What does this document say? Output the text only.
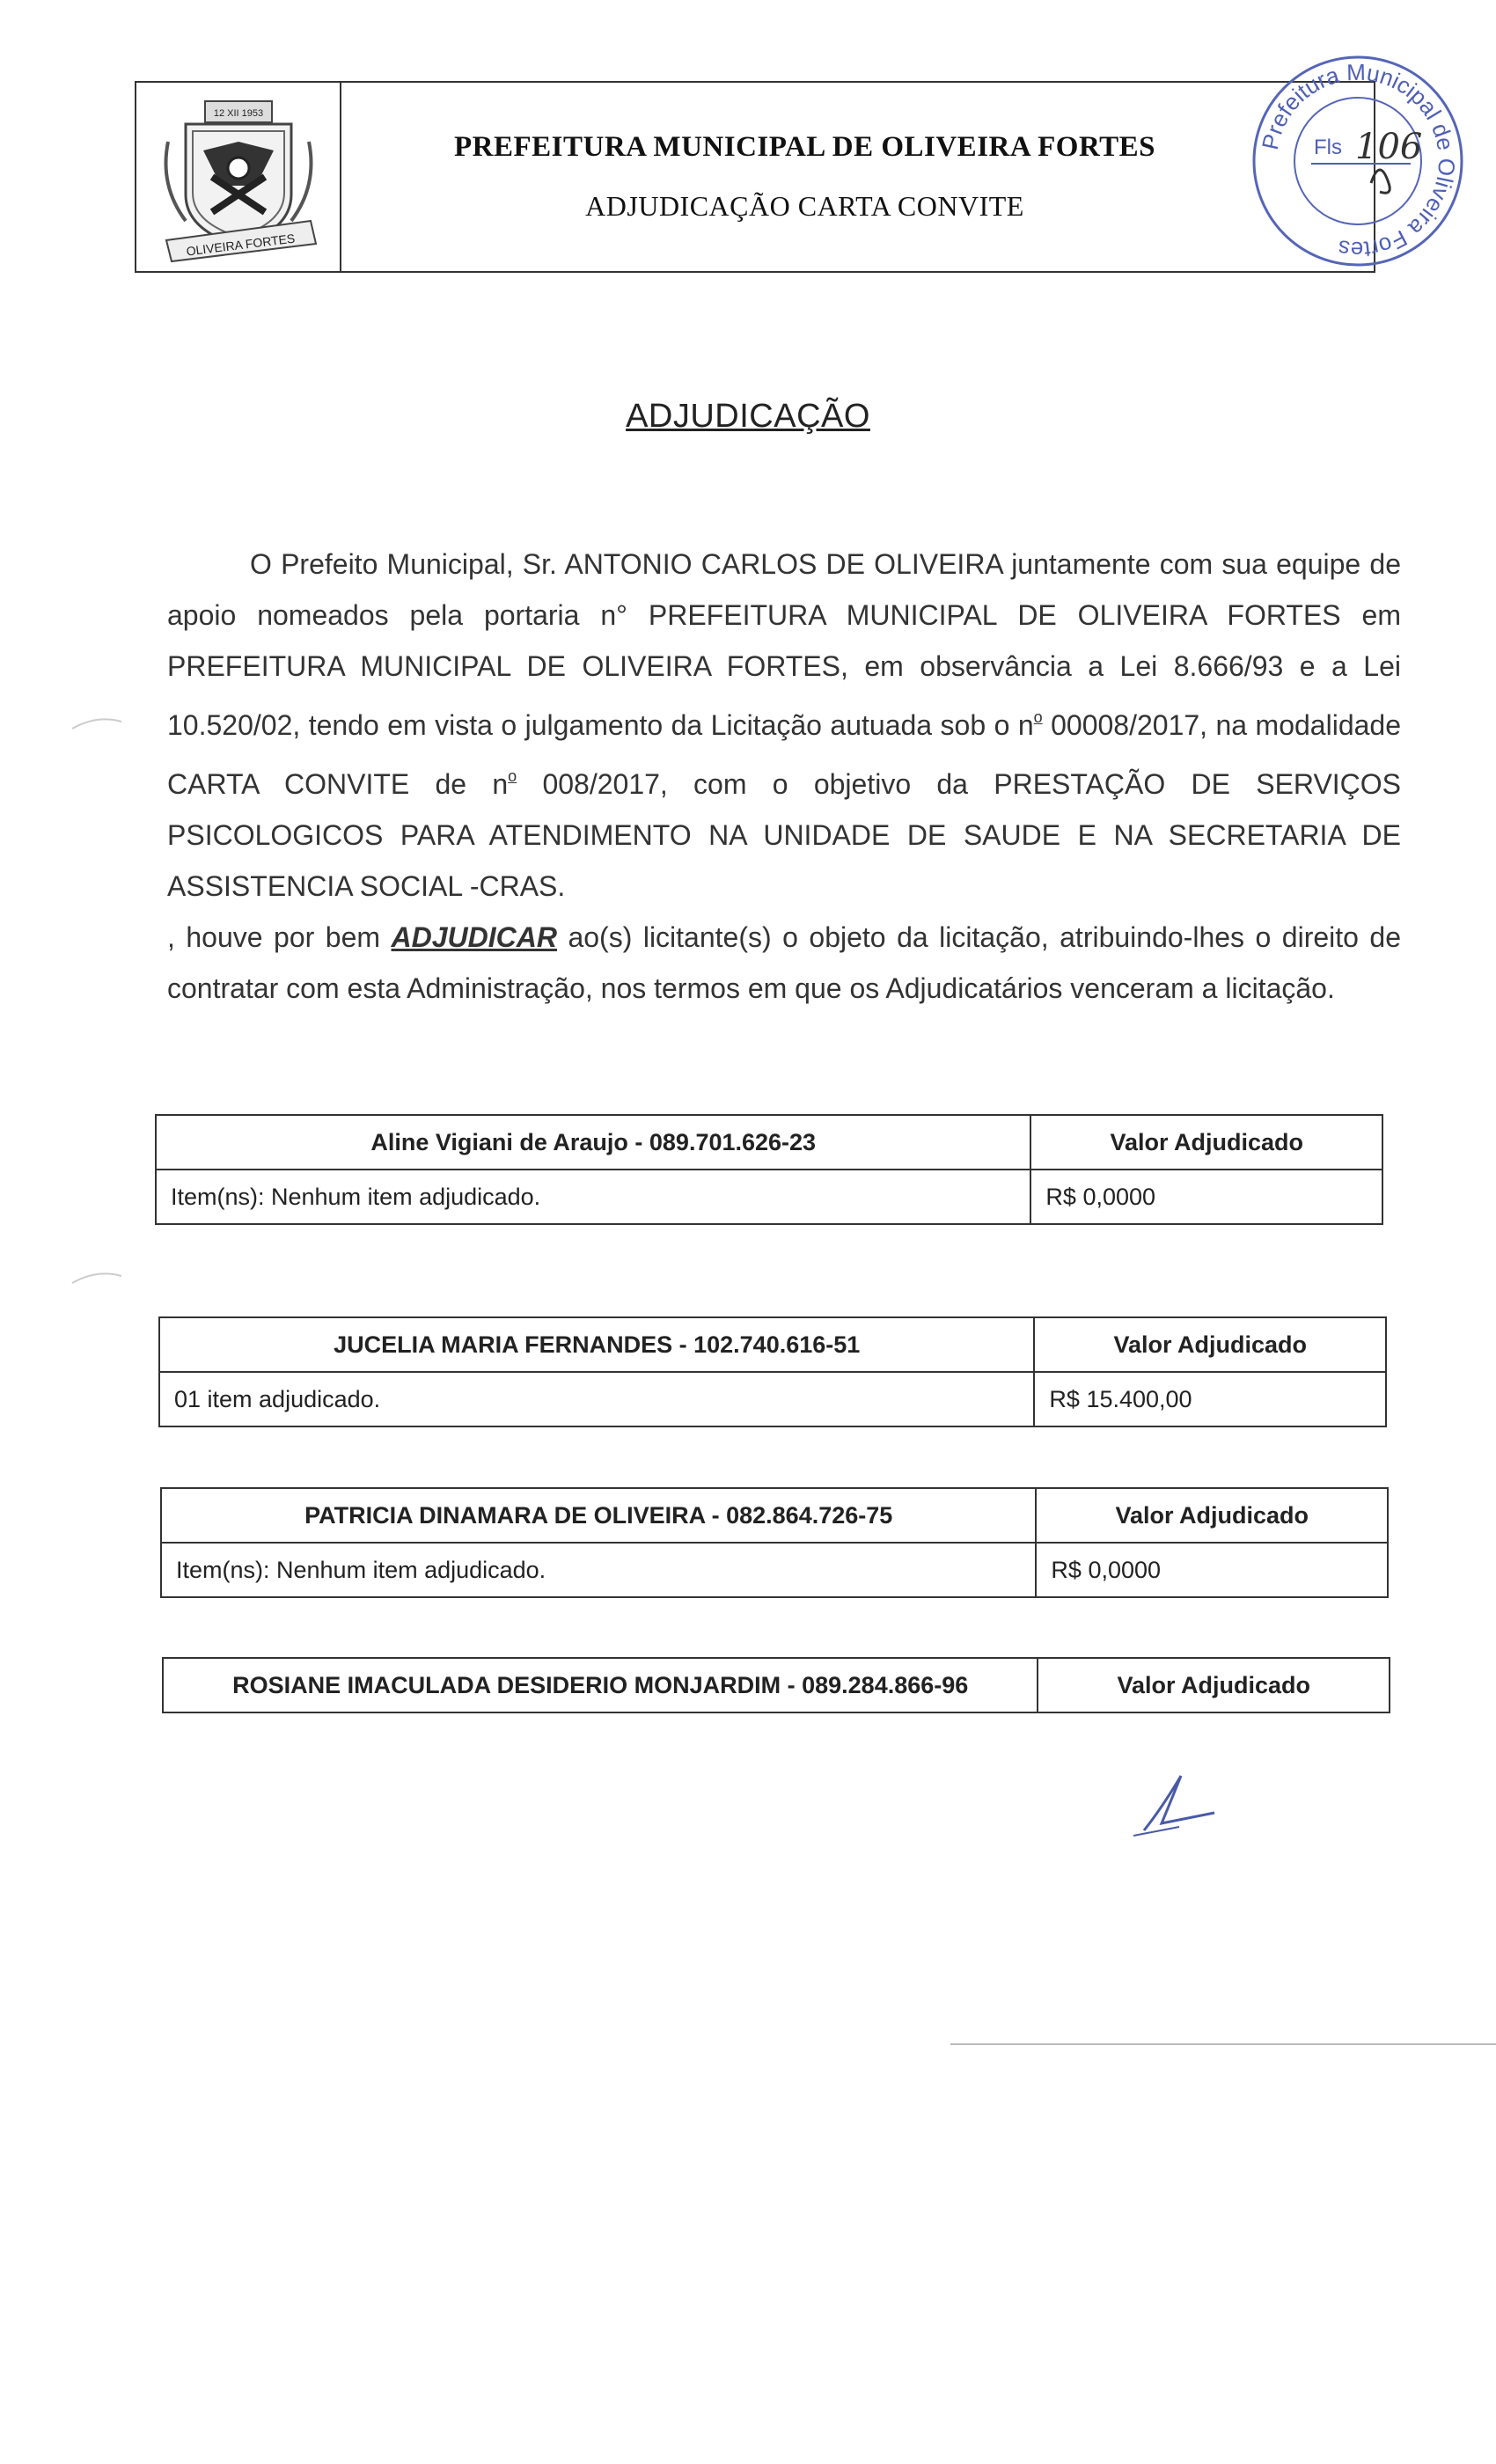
12 XII 1953
OLIVEIRA FORTES
PREFEITURA MUNICIPAL DE OLIVEIRA FORTES
ADJUDICAÇÃO CARTA CONVITE
Prefeitura Municipal de Oliveira Fortes
Fls 106
ADJUDICAÇÃO

O Prefeito Municipal, Sr. ANTONIO CARLOS DE OLIVEIRA juntamente com sua equipe de apoio nomeados pela portaria n° PREFEITURA MUNICIPAL DE OLIVEIRA FORTES em PREFEITURA MUNICIPAL DE OLIVEIRA FORTES, em observância a Lei 8.666/93 e a Lei 10.520/02, tendo em vista o julgamento da Licitação autuada sob o $n^o$ 00008/2017, na modalidade CARTA CONVITE de $n^o$ 008/2017, com o objetivo da PRESTAÇÃO DE SERVIÇOS PSICOLOGICOS PARA ATENDIMENTO NA UNIDADE DE SAUDE E NA SECRETARIA DE ASSISTENCIA SOCIAL -CRAS.

, houve por bem ADJUDICAR ao(s) licitante(s) o objeto da licitação, atribuindo-lhes o direito de contratar com esta Administração, nos termos em que os Adjudicatários venceram a licitação.

Aline Vigiani de Araujo - 089.701.626-23	Valor Adjudicado
Item(ns): Nenhum item adjudicado.	R$ 0,0000
JUCELIA MARIA FERNANDES - 102.740.616-51	Valor Adjudicado
01 item adjudicado.	R$ 15.400,00
PATRICIA DINAMARA DE OLIVEIRA - 082.864.726-75	Valor Adjudicado
Item(ns): Nenhum item adjudicado.	R$ 0,0000
ROSIANE IMACULADA DESIDERIO MONJARDIM - 089.284.866-96	Valor Adjudicado
